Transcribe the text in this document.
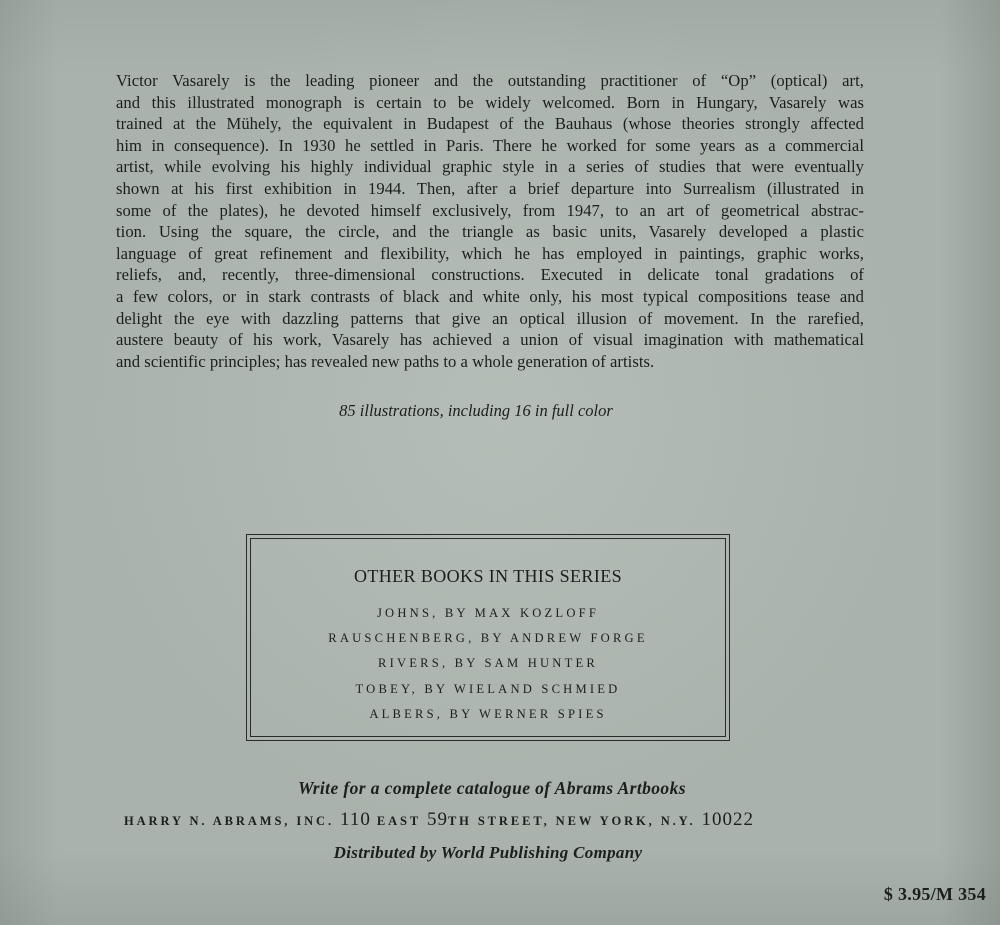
Victor Vasarely is the leading pioneer and the outstanding practitioner of “Op” (optical) art,
and this illustrated monograph is certain to be widely welcomed. Born in Hungary, Vasarely was
trained at the Mühely, the equivalent in Budapest of the Bauhaus (whose theories strongly affected
him in consequence). In 1930 he settled in Paris. There he worked for some years as a commercial
artist, while evolving his highly individual graphic style in a series of studies that were eventually
shown at his first exhibition in 1944. Then, after a brief departure into Surrealism (illustrated in
some of the plates), he devoted himself exclusively, from 1947, to an art of geometrical abstrac-
tion. Using the square, the circle, and the triangle as basic units, Vasarely developed a plastic
language of great refinement and flexibility, which he has employed in paintings, graphic works,
reliefs, and, recently, three-dimensional constructions. Executed in delicate tonal gradations of
a few colors, or in stark contrasts of black and white only, his most typical compositions tease and
delight the eye with dazzling patterns that give an optical illusion of movement. In the rarefied,
austere beauty of his work, Vasarely has achieved a union of visual imagination with mathematical
and scientific principles; has revealed new paths to a whole generation of artists.
85 illustrations, including 16 in full color
OTHER BOOKS IN THIS SERIES
JOHNS, BY MAX KOZLOFF
RAUSCHENBERG, BY ANDREW FORGE
RIVERS, BY SAM HUNTER
TOBEY, BY WIELAND SCHMIED
ALBERS, BY WERNER SPIES
Write for a complete catalogue of Abrams Artbooks
HARRY N. ABRAMS, INC. 110 EAST 59TH STREET, NEW YORK, N.Y. 10022
Distributed by World Publishing Company
$ 3.95/M 354
